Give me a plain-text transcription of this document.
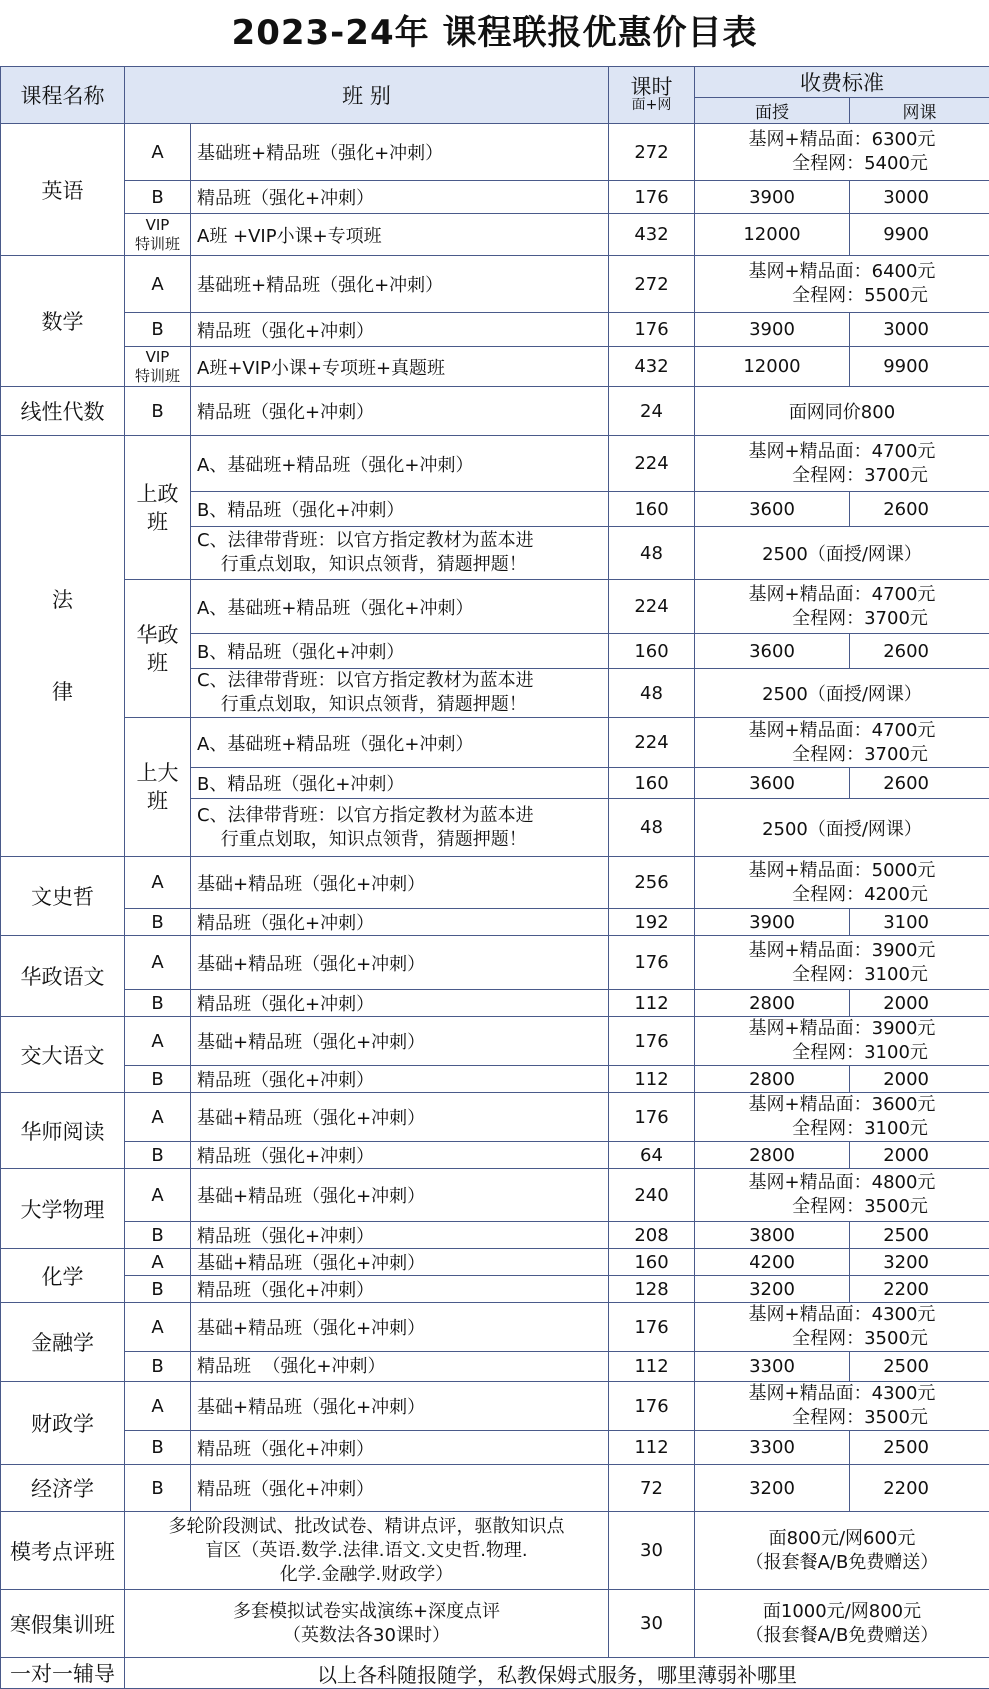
2023-24年 课程联报优惠价目表
课程名称	班 别		课时
面+网	收费标准	
				面授	网课
英语	A	基础班+精品班（强化+冲刺）	272	基网+精品面：6300元
　　全程网：5400元	
	B	精品班（强化+冲刺）	176	3900	3000
	VIP
特训班	A班 +VIP小课+专项班	432	12000	9900
数学	A	基础班+精品班（强化+冲刺）	272	基网+精品面：6400元
　　全程网：5500元	
	B	精品班（强化+冲刺）	176	3900	3000
	VIP
特训班	A班+VIP小课+专项班+真题班	432	12000	9900
线性代数	B	精品班（强化+冲刺）	24	面网同价800	
法

律	上政
班	A、基础班+精品班（强化+冲刺）	224	基网+精品面：4700元
　　全程网：3700元	
		B、精品班（强化+冲刺）	160	3600	2600
		C、法律带背班：以官方指定教材为蓝本进
　 行重点划取，知识点领背，猜题押题！	48	2500（面授/网课）	
	华政
班	A、基础班+精品班（强化+冲刺）	224	基网+精品面：4700元
　　全程网：3700元	
		B、精品班（强化+冲刺）	160	3600	2600
		C、法律带背班：以官方指定教材为蓝本进
　 行重点划取，知识点领背，猜题押题！	48	2500（面授/网课）	
	上大
班	A、基础班+精品班（强化+冲刺）	224	基网+精品面：4700元
　　全程网：3700元	
		B、精品班（强化+冲刺）	160	3600	2600
		C、法律带背班：以官方指定教材为蓝本进
　 行重点划取，知识点领背，猜题押题！	48	2500（面授/网课）	
文史哲	A	基础+精品班（强化+冲刺）	256	基网+精品面：5000元
　　全程网：4200元	
	B	精品班（强化+冲刺）	192	3900	3100
华政语文	A	基础+精品班（强化+冲刺）	176	基网+精品面：3900元
　　全程网：3100元	
	B	精品班（强化+冲刺）	112	2800	2000
交大语文	A	基础+精品班（强化+冲刺）	176	基网+精品面：3900元
　　全程网：3100元	
	B	精品班（强化+冲刺）	112	2800	2000
华师阅读	A	基础+精品班（强化+冲刺）	176	基网+精品面：3600元
　　全程网：3100元	
	B	精品班（强化+冲刺）	64	2800	2000
大学物理	A	基础+精品班（强化+冲刺）	240	基网+精品面：4800元
　　全程网：3500元	
	B	精品班（强化+冲刺）	208	3800	2500
化学	A	基础+精品班（强化+冲刺）	160	4200	3200
	B	精品班（强化+冲刺）	128	3200	2200
金融学	A	基础+精品班（强化+冲刺）	176	基网+精品面：4300元
　　全程网：3500元	
	B	精品班  （强化+冲刺）	112	3300	2500
财政学	A	基础+精品班（强化+冲刺）	176	基网+精品面：4300元
　　全程网：3500元	
	B	精品班（强化+冲刺）	112	3300	2500
经济学	B	精品班（强化+冲刺）	72	3200	2200
模考点评班	多轮阶段测试、批改试卷、精讲点评，驱散知识点
盲区（英语.数学.法律.语文.文史哲.物理.
化学.金融学.财政学）		30	面800元/网600元
（报套餐A/B免费赠送）	
寒假集训班	多套模拟试卷实战演练+深度点评
（英数法各30课时）		30	面1000元/网800元
（报套餐A/B免费赠送）	
一对一辅导	以上各科随报随学，私教保姆式服务，哪里薄弱补哪里				
